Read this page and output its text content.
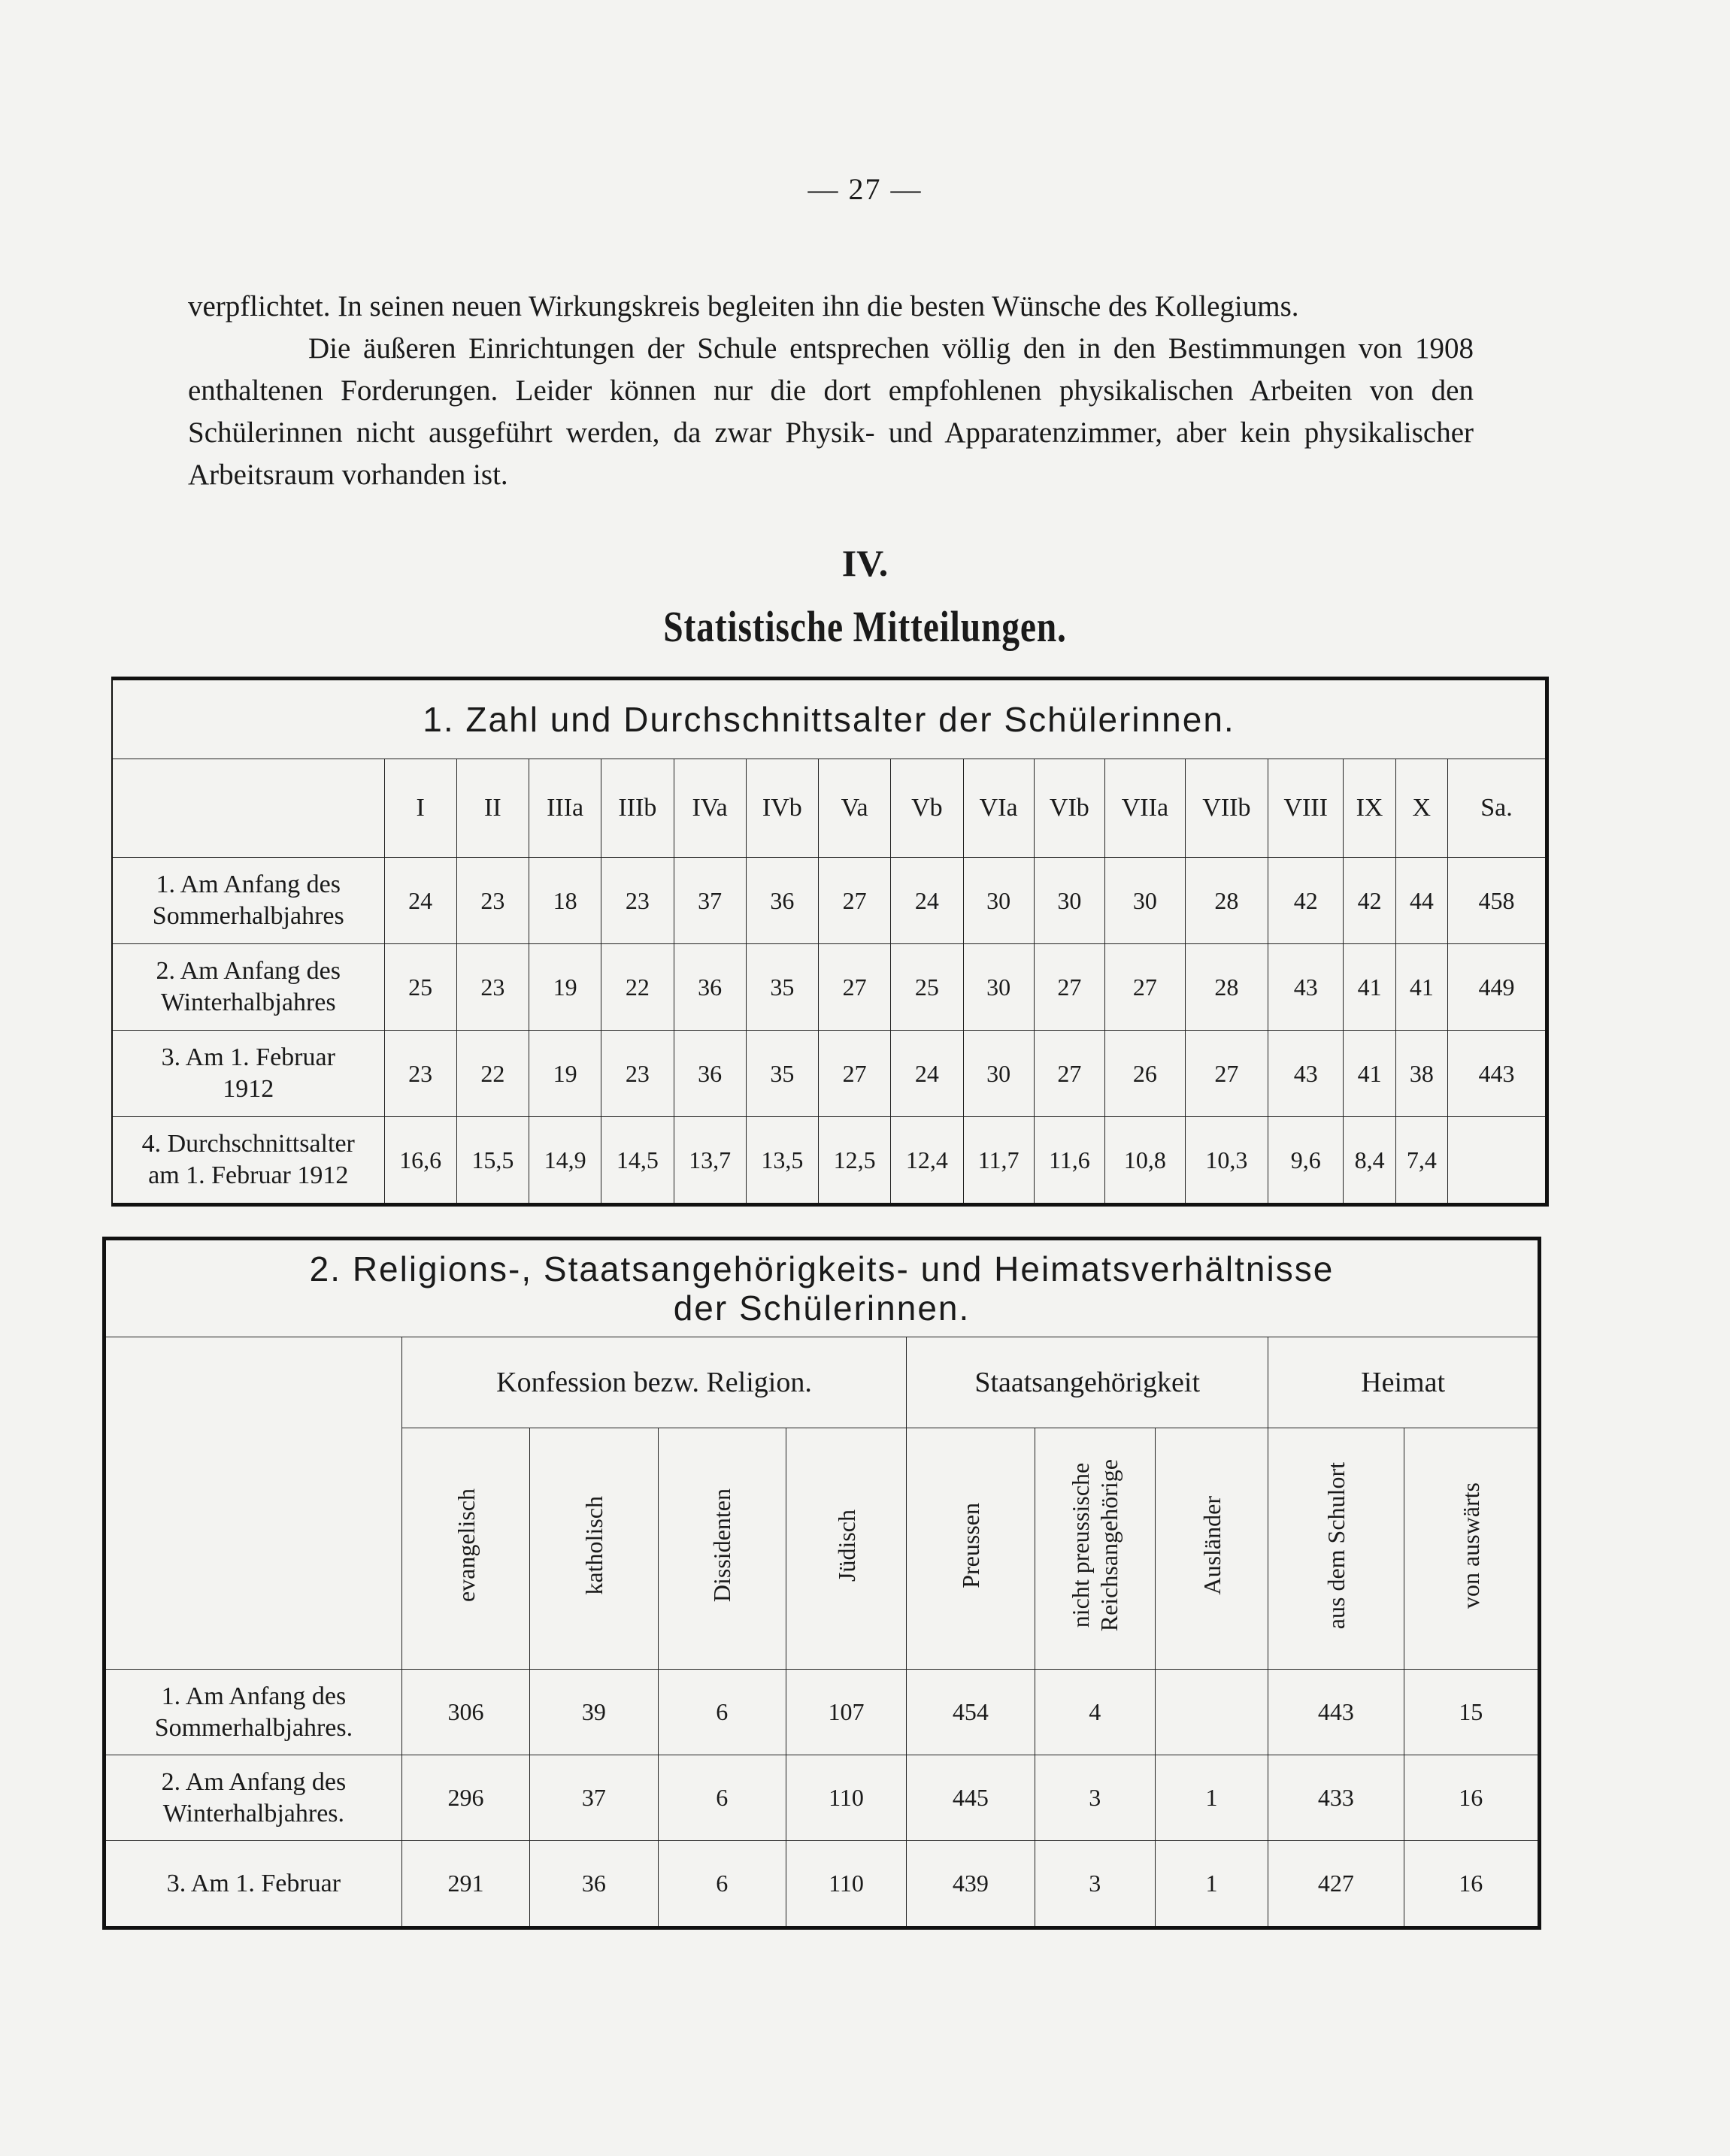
— 27 —

verpflichtet. In seinen neuen Wirkungskreis begleiten ihn die besten Wünsche des Kollegiums.

Die äußeren Einrichtungen der Schule entsprechen völlig den in den Bestimmungen von 1908 enthaltenen Forderungen. Leider können nur die dort empfohlenen physikalischen Arbeiten von den Schülerinnen nicht ausgeführt werden, da zwar Physik- und Apparatenzimmer, aber kein physikalischer Arbeitsraum vorhanden ist.

IV.
Statistische Mitteilungen.
1. Zahl und Durchschnittsalter der Schülerinnen.																
	I	II	IIIa	IIIb	IVa	IVb	Va	Vb	VIa	VIb	VIIa	VIIb	VIII	IX	X	Sa.
1. Am Anfang des
Sommerhalbjahres	24	23	18	23	37	36	27	24	30	30	30	28	42	42	44	458
2. Am Anfang des
Winterhalbjahres	25	23	19	22	36	35	27	25	30	27	27	28	43	41	41	449
3. Am 1. Februar
1912	23	22	19	23	36	35	27	24	30	27	26	27	43	41	38	443
4. Durchschnittsalter
am 1. Februar 1912	16,6	15,5	14,9	14,5	13,7	13,5	12,5	12,4	11,7	11,6	10,8	10,3	9,6	8,4	7,4	
2. Religions-, Staatsangehörigkeits- und Heimatsverhältnisse
der Schülerinnen.									
	Konfession bezw. Religion.				Staatsangehörigkeit			Heimat	
	evangelisch	katholisch	Dissidenten	Jüdisch	Preussen	nicht preussische
Reichsangehörige	Ausländer	aus dem Schulort	von auswärts
1. Am Anfang des
Sommerhalbjahres.	306	39	6	107	454	4		443	15
2. Am Anfang des
Winterhalbjahres.	296	37	6	110	445	3	1	433	16
3. Am 1. Februar	291	36	6	110	439	3	1	427	16
